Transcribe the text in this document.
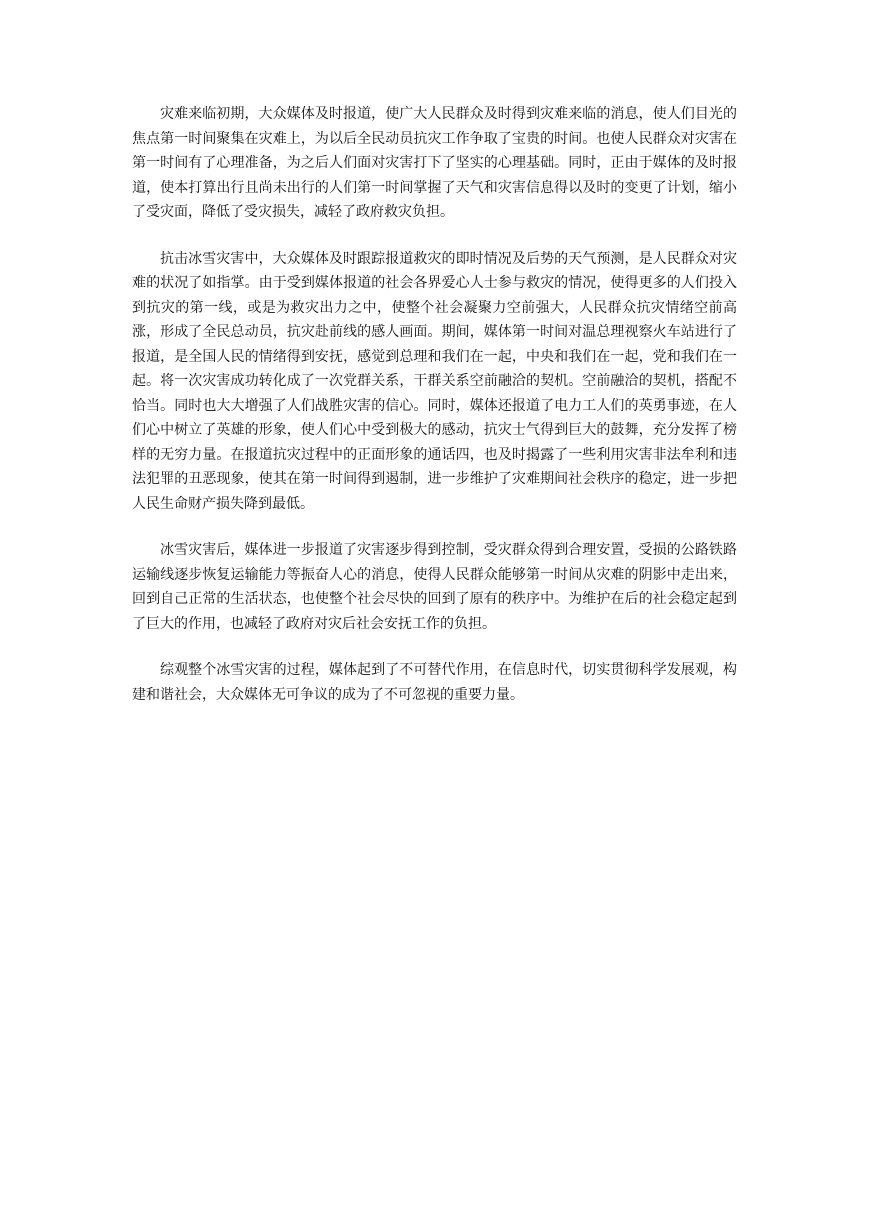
灾难来临初期，大众媒体及时报道，使广大人民群众及时得到灾难来临的消息，使人们目光的焦点第一时间聚集在灾难上，为以后全民动员抗灾工作争取了宝贵的时间。也使人民群众对灾害在第一时间有了心理准备，为之后人们面对灾害打下了坚实的心理基础。同时，正由于媒体的及时报道，使本打算出行且尚未出行的人们第一时间掌握了天气和灾害信息得以及时的变更了计划，缩小了受灾面，降低了受灾损失，减轻了政府救灾负担。

抗击冰雪灾害中，大众媒体及时跟踪报道救灾的即时情况及后势的天气预测，是人民群众对灾难的状况了如指掌。由于受到媒体报道的社会各界爱心人士参与救灾的情况，使得更多的人们投入到抗灾的第一线，或是为救灾出力之中，使整个社会凝聚力空前强大，人民群众抗灾情绪空前高涨，形成了全民总动员，抗灾赴前线的感人画面。期间，媒体第一时间对温总理视察火车站进行了报道，是全国人民的情绪得到安抚，感觉到总理和我们在一起，中央和我们在一起，党和我们在一起。将一次灾害成功转化成了一次党群关系，干群关系空前融洽的契机。空前融洽的契机，搭配不恰当。同时也大大增强了人们战胜灾害的信心。同时，媒体还报道了电力工人们的英勇事迹，在人们心中树立了英雄的形象，使人们心中受到极大的感动，抗灾士气得到巨大的鼓舞，充分发挥了榜样的无穷力量。在报道抗灾过程中的正面形象的通话四，也及时揭露了一些利用灾害非法牟利和违法犯罪的丑恶现象，使其在第一时间得到遏制，进一步维护了灾难期间社会秩序的稳定，进一步把人民生命财产损失降到最低。

冰雪灾害后，媒体进一步报道了灾害逐步得到控制，受灾群众得到合理安置，受损的公路铁路运输线逐步恢复运输能力等振奋人心的消息，使得人民群众能够第一时间从灾难的阴影中走出来，回到自己正常的生活状态，也使整个社会尽快的回到了原有的秩序中。为维护在后的社会稳定起到了巨大的作用，也减轻了政府对灾后社会安抚工作的负担。

综观整个冰雪灾害的过程，媒体起到了不可替代作用，在信息时代，切实贯彻科学发展观，构建和谐社会，大众媒体无可争议的成为了不可忽视的重要力量。
